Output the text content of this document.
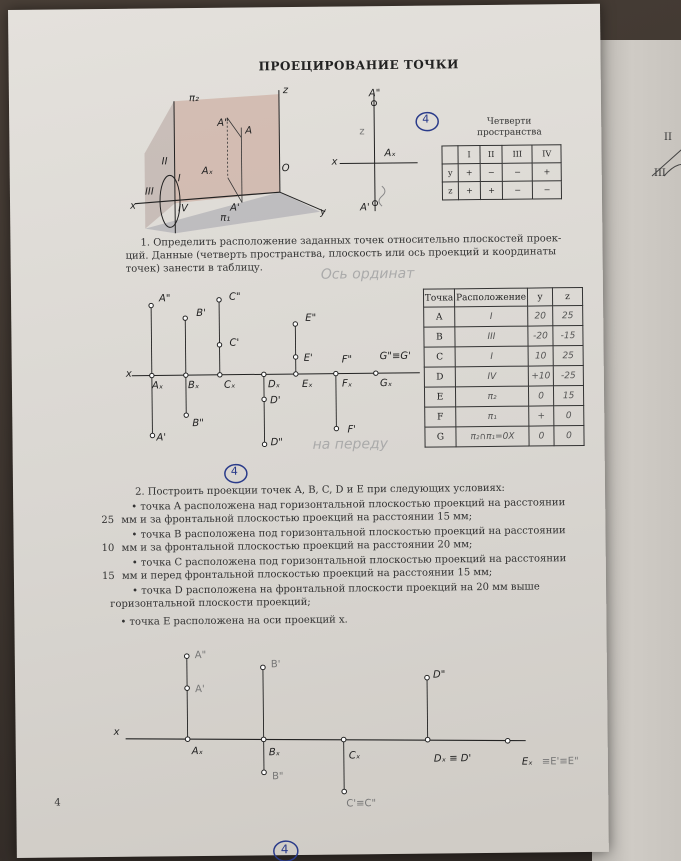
II
III
ПРОЕЦИРОВАНИЕ ТОЧКИ
π₂
π₁
II
I
III
IV
A"
A'
Aₓ
A
z
x
y
O
A"
Aₓ
A'
x
z
4	Четверти пространства
	I	II	III	IV
y	+	−	−	+
z	+	+	−	−
1. Определить расположение заданных точек относительно плоскостей проек-
ций. Данные (четверть пространства, плоскость или ось проекций и координаты
точек) занести в таблицу.	Ось ординат
A"
B'
C"
C'
E"
F"	G"≡G'
E'
x
Aₓ Bₓ Cₓ	Dₓ Eₓ	Fₓ	Gₓ
D'
B"
A'	D"
F'
на переду
Точка	Расположение	y	z
A	I	20	25
B	III	-20	-15
C	I	10	25
D	IV	+10	-25
E	π₂	0	15
F	π₁	+	0
G	π₂∩π₁=0X	0	0
4
2. Построить проекции точек A, B, C, D и E при следующих условиях:
• точка A расположена над горизонтальной плоскостью проекций на расстоянии
25 мм и за фронтальной плоскостью проекций на расстоянии 15 мм;
• точка B расположена под горизонтальной плоскостью проекций на расстоянии
10 мм и за фронтальной плоскостью проекций на расстоянии 20 мм;
• точка C расположена под горизонтальной плоскостью проекций на расстоянии
15 мм и перед фронтальной плоскостью проекций на расстоянии 15 мм;
• точка D расположена на фронтальной плоскости проекций на 20 мм выше
горизонтальной плоскости проекций;
• точка E расположена на оси проекций x.
x
Aₓ	Bₓ	Cₓ	Dₓ ≡ D'	Eₓ
A"
A'
B'
B"
D"
C'≡C"
≡E'≡E"
4
4
